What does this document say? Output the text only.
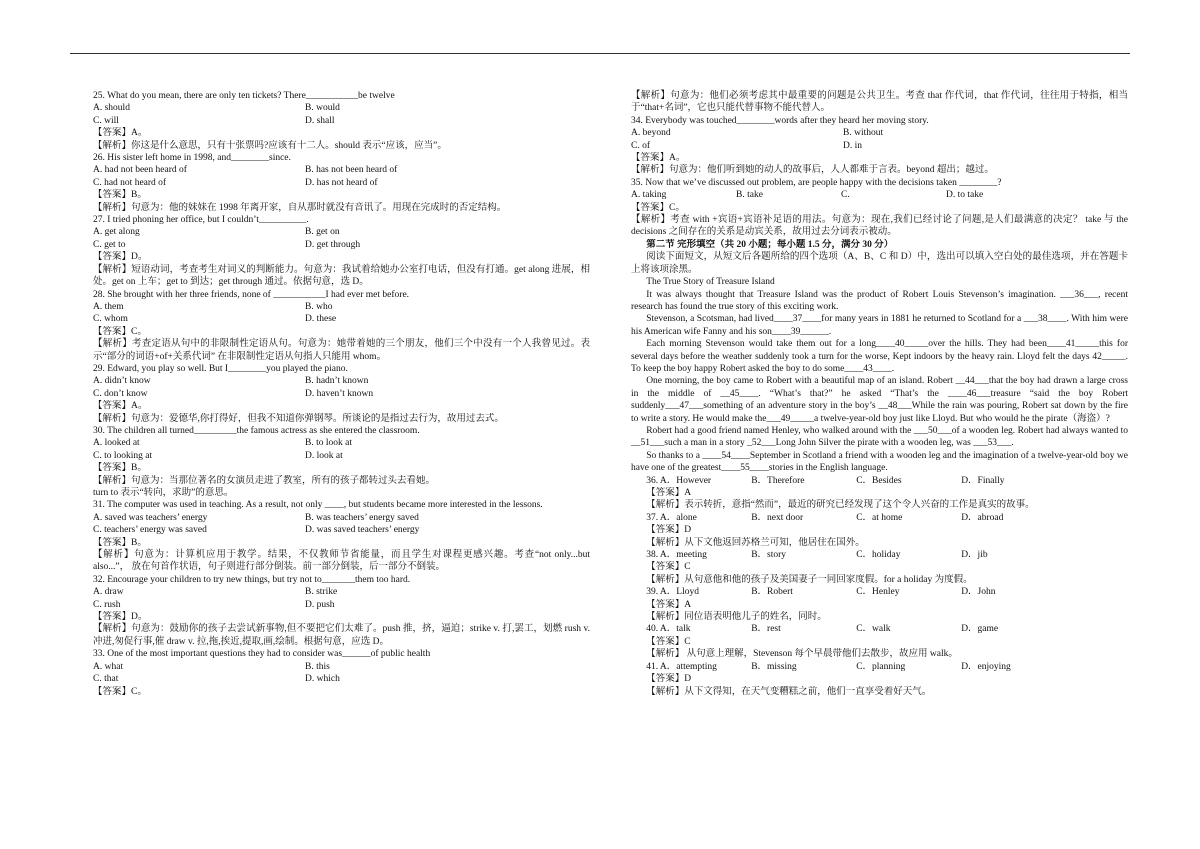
25. What do you mean, there are only ten tickets? There___________be twelve
A. should	B. would
C. will	D. shall
【答案】A。
【解析】你这是什么意思，只有十张票吗?应该有十二人。should 表示“应该，应当”。
26. His sister left home in 1998, and________since.
A. had not been heard of	B. has not been heard of
C. had not heard of	D. has not heard of
【答案】B。
【解析】句意为：他的妹妹在 1998 年离开家，自从那时就没有音讯了。用现在完成时的否定结构。
27. I tried phoning her office, but I couldn’t__________.
A. get along	B. get on
C. get to	D. get through
【答案】D。
【解析】短语动词，考查考生对词义的判断能力。句意为：我试着给她办公室打电话，但没有打通。get along 进展，相处。get on 上车；get to 到达；get through 通过。依据句意，选 D。
28. She brought with her three friends, none of ___________I had ever met before.
A. them	B. who
C. whom	D. these
【答案】C。
【解析】考查定语从句中的非限制性定语从句。句意为：她带着她的三个朋友，他们三个中没有一个人我曾见过。表示“部分的词语+of+关系代词” 在非限制性定语从句指人只能用 whom。
29. Edward, you play so well. But I________you played the piano.
A. didn’t know	B. hadn’t known
C. don’t know	D. haven’t known
【答案】A。
【解析】句意为：爱德华,你打得好，但我不知道你弹钢琴。所谈论的是指过去行为，故用过去式。
30. The children all turned_________the famous actress as she entered the classroom.
A. looked at	B. to look at
C. to looking at	D. look at
【答案】B。
【解析】句意为：当那位著名的女演员走进了教室，所有的孩子都转过头去看她。
turn to 表示“转向，求助”的意思。
31. The computer was used in teaching. As a result, not only ____, but students became more interested in the lessons.
A. saved was teachers’ energy	B. was teachers’ energy saved
C. teachers’ energy was saved	D. was saved teachers’ energy
【答案】B。
【解析】句意为：计算机应用于教学。结果，不仅教师节省能量，而且学生对课程更感兴趣。考查“not only...but also...”， 放在句首作状语，句子则进行部分倒装。前一部分倒装，后一部分不倒装。
32. Encourage your children to try new things, but try not to_______them too hard.
A. draw	B. strike
C. rush	D. push
【答案】D。
【解析】句意为：鼓励你的孩子去尝试新事物,但不要把它们太难了。push 推，挤，逼迫；strike v. 打,罢工，划燃 rush v. 冲进,匆促行事,催 draw v. 拉,拖,挨近,提取,画,绘制。根据句意，应选 D。
33. One of the most important questions they had to consider was______of public health
A. what	B. this
C. that	D. which
【答案】C。
【解析】句意为：他们必须考虑其中最重要的问题是公共卫生。考查 that 作代词，that 作代词，往往用于特指，相当于“that+名词”，它也只能代替事物不能代替人。
34. Everybody was touched________words after they heard her moving story.
A. beyond	B. without
C. of	D. in
【答案】A。
【解析】句意为：他们听到她的动人的故事后，人人都难于言表。beyond 超出；越过。
35. Now that we’ve discussed out problem, are people happy with the decisions taken ________?
A. taking	B. take	C.	D. to take
【答案】C。
【解析】考查 with +宾语+宾语补足语的用法。句意为：现在,我们已经讨论了问题,是人们最满意的决定？ take 与 the decisions 之间存在的关系是动宾关系，故用过去分词表示被动。
第二节 完形填空（共 20 小题；每小题 1.5 分，满分 30 分）
阅读下面短文，从短文后各题所给的四个选项（A、B、C 和 D）中，选出可以填入空白处的最佳选项，并在答题卡上将该项涂黑。
The True Story of Treasure Island
It was always thought that Treasure Island was the product of Robert Louis Stevenson’s imagination. ___36___, recent research has found the true story of this exciting work.
Stevenson, a Scotsman, had lived____37____for many years in 1881 he returned to Scotland for a ___38____. With him were his American wife Fanny and his son____39______.
Each morning Stevenson would take them out for a long____40_____over the hills. They had been____41_____this for several days before the weather suddenly took a turn for the worse, Kept indoors by the heavy rain. Lloyd felt the days 42_____. To keep the boy happy Robert asked the boy to do some____43____.
One morning, the boy came to Robert with a beautiful map of an island. Robert __44___that the boy had drawn a large cross in the middle of __45____. “What’s that?” he asked “That’s the ____46___treasure “said the boy Robert suddenly___47___something of an adventure story in the boy’s __48___While the rain was pouring, Robert sat down by the fire to write a story. He would make the___49_____a twelve-year-old boy just like Lloyd. But who would he the pirate（海盗）?
Robert had a good friend named Henley, who walked around with the ___50___of a wooden leg. Robert had always wanted to __51___such a man in a story _52___Long John Silver the pirate with a wooden leg, was ___53___.
So thanks to a ____54____September in Scotland a friend with a wooden leg and the imagination of a twelve-year-old boy we have one of the greatest____55____stories in the English language.
36. A．However	B．Therefore	C．Besides	D．Finally
【答案】A
【解析】表示转折，意指“然而”，最近的研究已经发现了这个令人兴奋的工作是真实的故事。
37. A．alone	B．next door	C．at home	D．abroad
【答案】D
【解析】从下文他返回苏格兰可知，他居住在国外。
38. A．meeting	B．story	C．holiday	D．jib
【答案】C
【解析】从句意他和他的孩子及美国妻子一同回家度假。for a holiday 为度假。
39. A．Lloyd	B．Robert	C．Henley	D．John
【答案】A
【解析】同位语表明他儿子的姓名，同时。
40. A．talk	B．rest	C．walk	D．game
【答案】C
【解析】 从句意上理解，Stevenson 每个早晨带他们去散步，故应用 walk。
41. A．attempting	B．missing	C．planning	D．enjoying
【答案】D
【解析】从下文得知，在天气变糟糕之前，他们一直享受着好天气。
